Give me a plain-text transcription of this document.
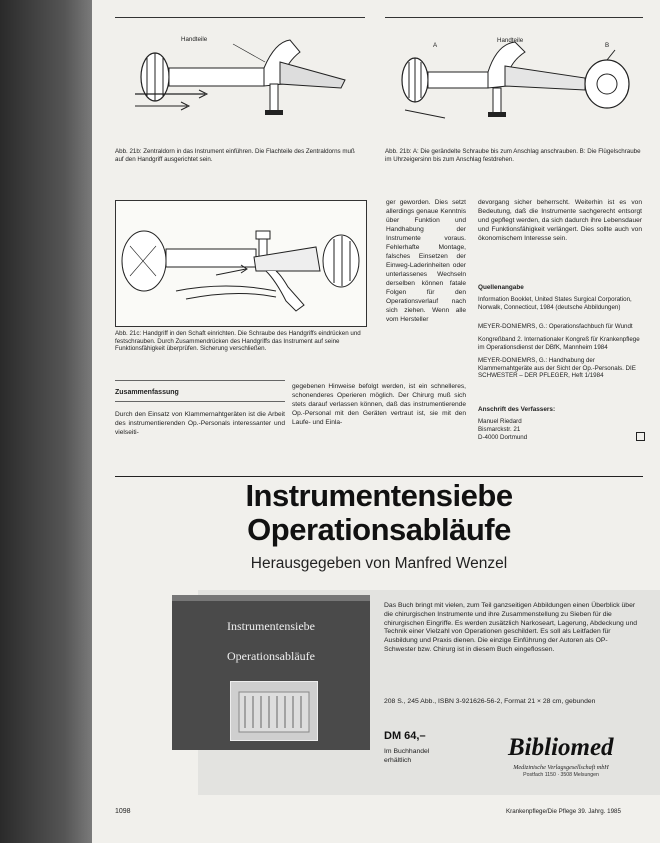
Handteile
Abb. 21b: Zentraldorn in das Instrument einführen. Die Flachteile des Zentraldorns muß auf den Handgriff ausgerichtet sein.
A
Handteile
B
Abb. 21b: A: Die gerändelte Schraube bis zum Anschlag anschrauben. B: Die Flügelschraube im Uhrzeigersinn bis zum Anschlag festdrehen.
Abb. 21c: Handgriff in den Schaft einrichten. Die Schraube des Handgriffs eindrücken und festschrauben. Durch Zusammendrücken des Handgriffs das Instrument auf seine Funktionsfähigkeit überprüfen. Sicherung verschließen.
Zusammenfassung
Durch den Einsatz von Klammernahtgeräten ist die Arbeit des instrumentierenden Op.-Personals interessanter und vielseiti-
ger geworden. Dies setzt allerdings genaue Kenntnis über Funktion und Handhabung der Instrumente voraus. Fehlerhafte Montage, falsches Einsetzen der Einweg-Laderinheiten oder unterlassenes Wechseln derselben können fatale Folgen für den Operationsverlauf nach sich ziehen. Wenn alle vom Hersteller
gegebenen Hinweise befolgt werden, ist ein schnelleres, schonenderes Operieren möglich. Der Chirurg muß sich stets darauf verlassen können, daß das instrumentierende Op.-Personal mit den Geräten vertraut ist, sie mit den Laufe- und Einla-
devorgang sicher beherrscht. Weiterhin ist es von Bedeutung, daß die Instrumente sachgerecht entsorgt und gepflegt werden, da sich dadurch ihre Lebensdauer und Funktionsfähigkeit verlängert. Dies sollte auch von ökonomischem Interesse sein.
Quellenangabe
Information Booklet, United States Surgical Corporation, Norwalk, Connecticut, 1984 (deutsche Abbildungen)
MEYER-DONIEMRS, G.: Operationsfachbuch für Wundt
Kongreßband 2. Internationaler Kongreß für Krankenpflege im Operationsdienst der DBfK, Mannheim 1984
MEYER-DONIEMRS, G.: Handhabung der Klammernahtgeräte aus der Sicht der Op.-Personals. DIE SCHWESTER – DER PFLEGER, Heft 1/1984
Anschrift des Verfassers:
Manuel Riedard
Bismarckstr. 21
D-4000 Dortmund
Instrumentensiebe
Operationsabläufe
Herausgegeben von Manfred Wenzel
Instrumentensiebe
Operationsabläufe
Das Buch bringt mit vielen, zum Teil ganzseitigen Abbildungen einen Überblick über die chirurgischen Instrumente und ihre Zusammenstellung zu Sieben für die chirurgischen Eingriffe. Es werden zusätzlich Narkoseart, Lagerung, Abdeckung und Technik einer Vielzahl von Operationen geschildert. Es soll als Leitfaden für Ausbildung und Praxis dienen. Die einzige Einführung der Autoren als OP-Schwester bzw. Chirurg ist in diesem Buch eingeflossen.
208 S., 245 Abb., ISBN 3-921626-56-2, Format 21 × 28 cm, gebunden
DM 64,–
Im Buchhandel erhältlich	Bibliomed
Medizinische Verlagsgesellschaft mbH
Postfach 1150 · 3508 Melsungen
1098	Krankenpflege/Die Pflege 39. Jahrg. 1985
